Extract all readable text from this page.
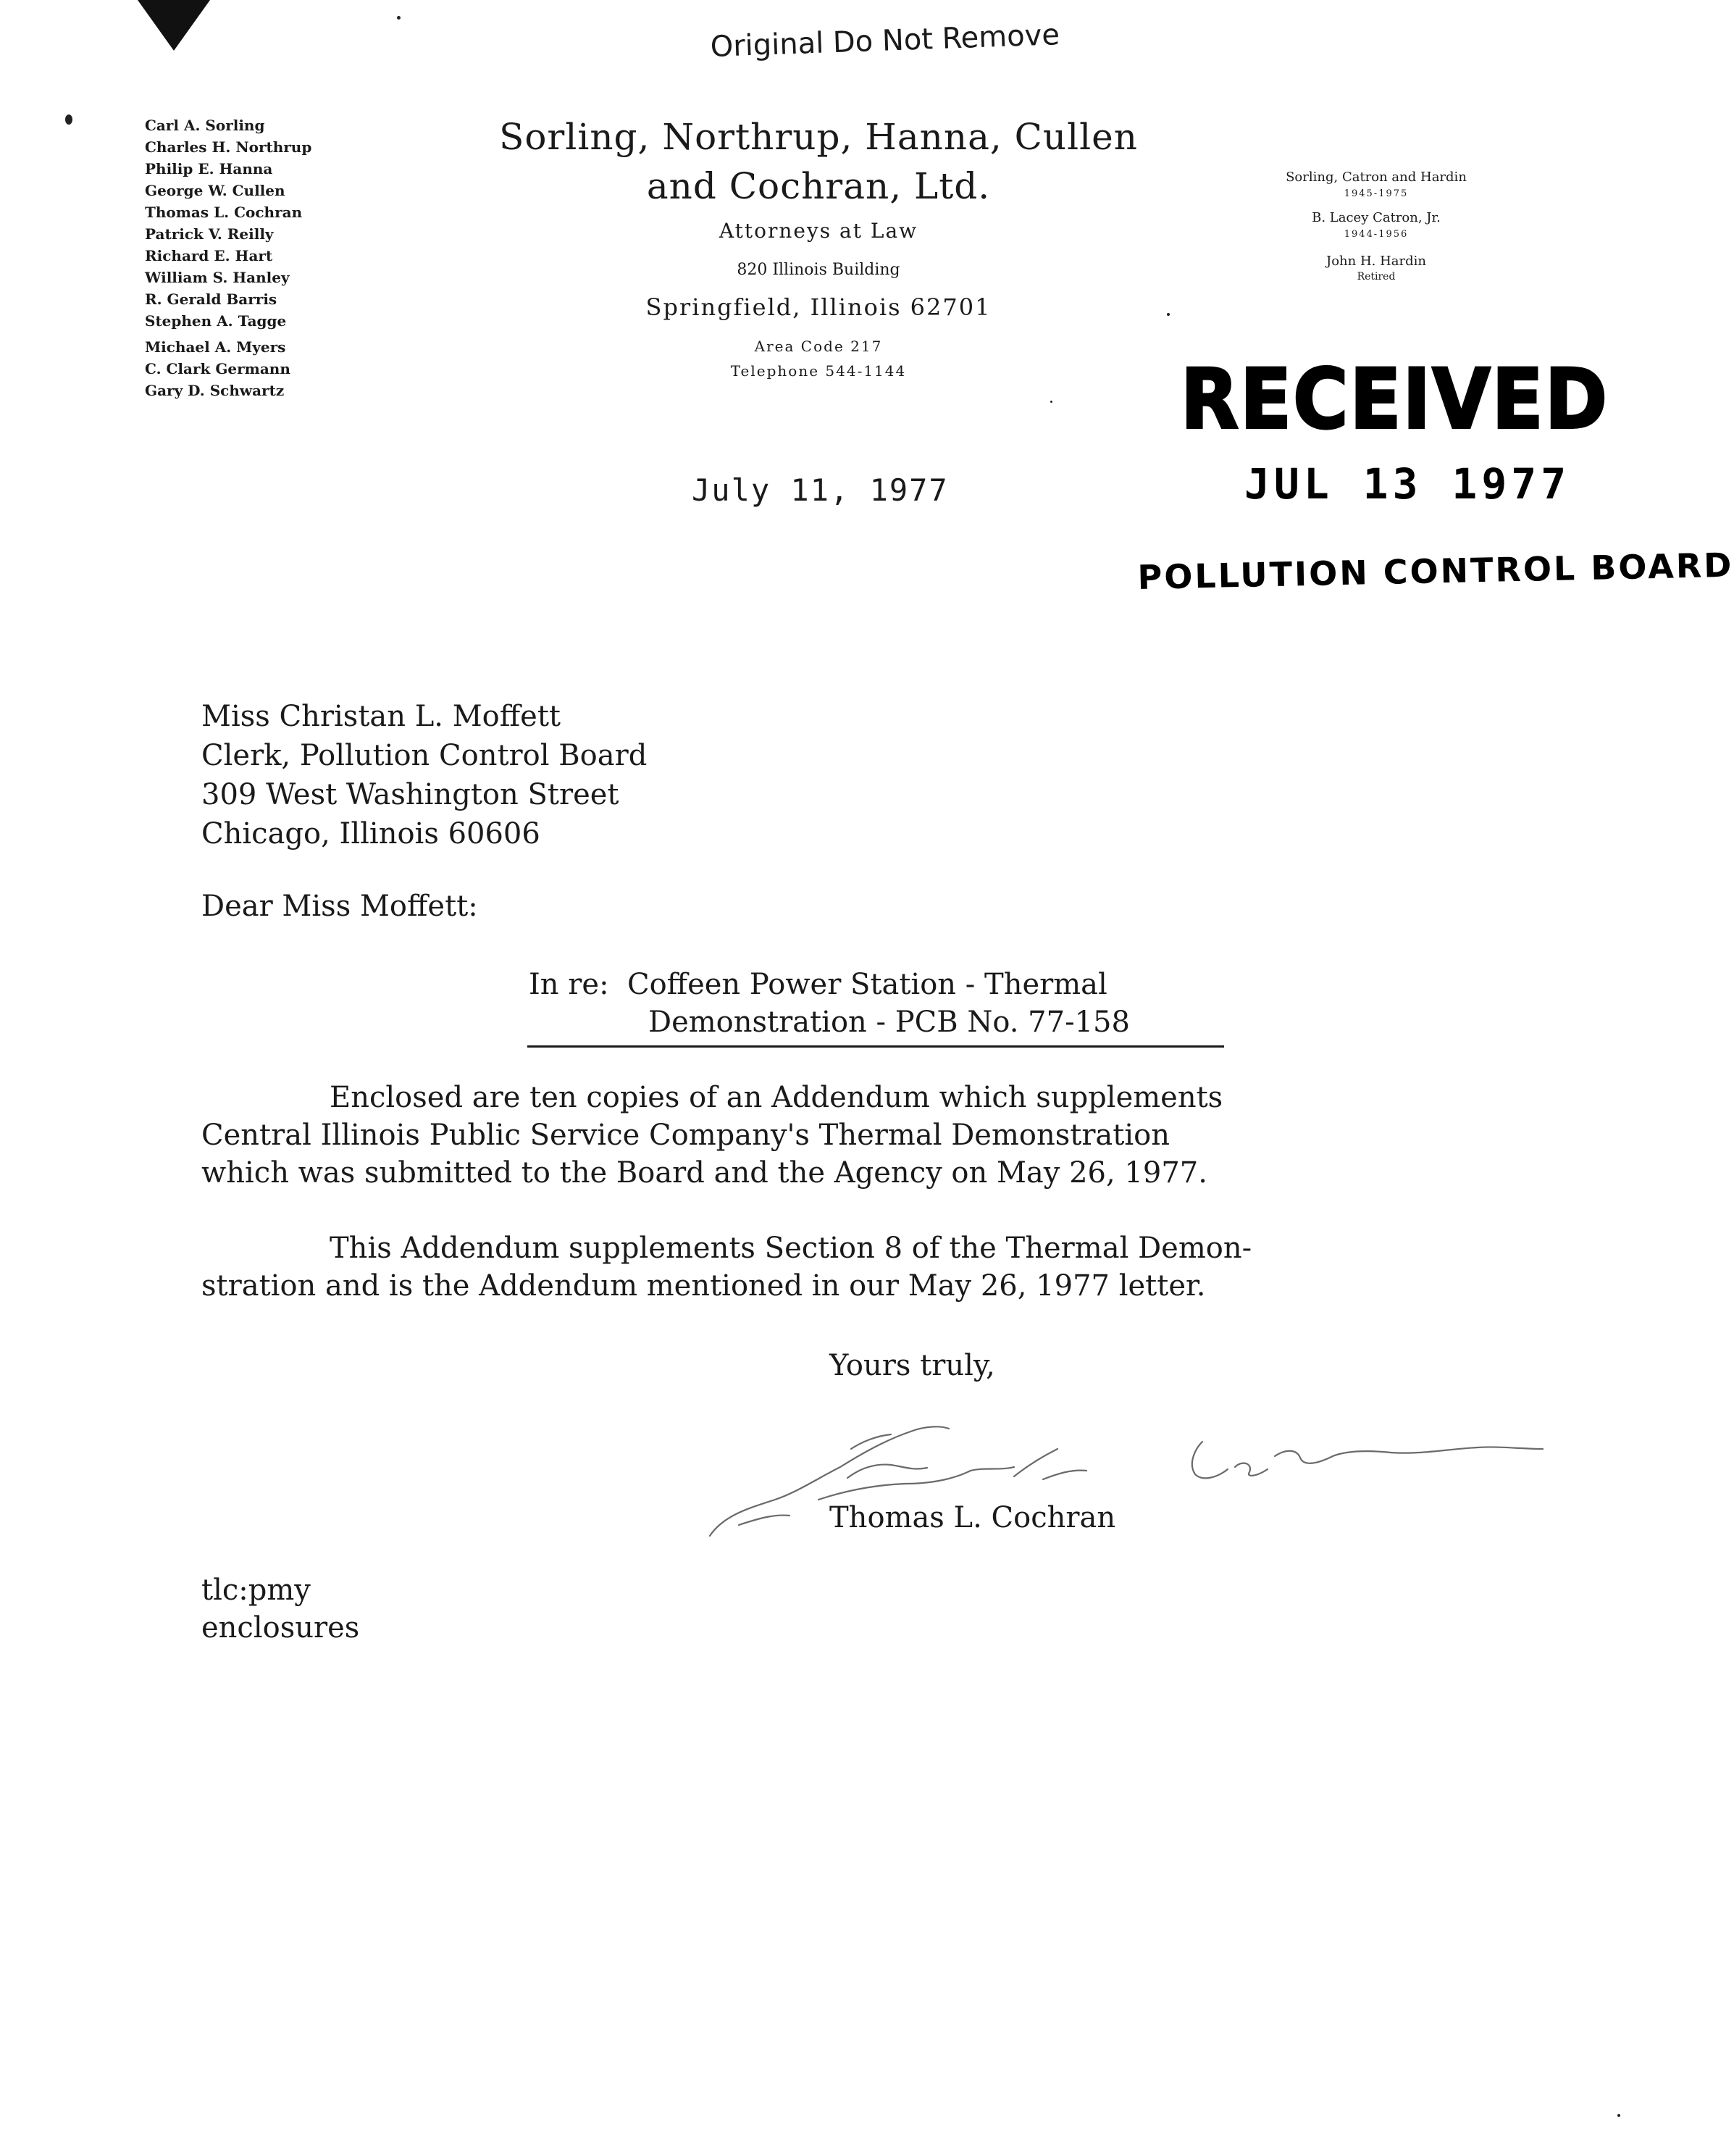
Original Do Not Remove
Carl A. Sorling
Charles H. Northrup
Philip E. Hanna
George W. Cullen
Thomas L. Cochran
Patrick V. Reilly
Richard E. Hart
William S. Hanley
R. Gerald Barris
Stephen A. Tagge
Michael A. Myers
C. Clark Germann
Gary D. Schwartz
Sorling, Northrup, Hanna, Cullen
and Cochran, Ltd.
Attorneys at Law
820 Illinois Building
Springfield, Illinois 62701
Area Code 217
Telephone 544-1144
Sorling, Catron and Hardin
1945-1975
B. Lacey Catron, Jr.
1944-1956
John H. Hardin
Retired
RECEIVED
JUL 13 1977
POLLUTION CONTROL BOARD
July 11, 1977
Miss Christan L. Moffett
Clerk, Pollution Control Board
309 West Washington Street
Chicago, Illinois 60606
Dear Miss Moffett:
In re: Coffeen Power Station - Thermal
Demonstration - PCB No. 77-158
Enclosed are ten copies of an Addendum which supplements
Central Illinois Public Service Company's Thermal Demonstration
which was submitted to the Board and the Agency on May 26, 1977.
This Addendum supplements Section 8 of the Thermal Demon-
stration and is the Addendum mentioned in our May 26, 1977 letter.
Yours truly,
Thomas L. Cochran
tlc:pmy
enclosures
